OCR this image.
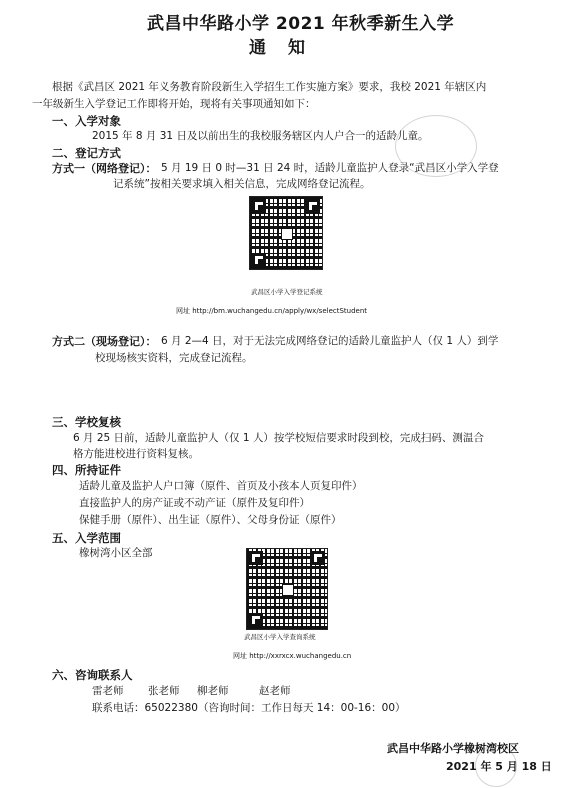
武昌中华路小学 2021 年秋季新生入学
通知
根据《武昌区 2021 年义务教育阶段新生入学招生工作实施方案》要求，我校 2021 年辖区内
一年级新生入学登记工作即将开始，现将有关事项通知如下：
一、入学对象
2015 年 8 月 31 日及以前出生的我校服务辖区内人户合一的适龄儿童。
二、登记方式
方式一（网络登记）： 5 月 19 日 0 时—31 日 24 时，适龄儿童监护人登录“武昌区小学入学登
记系统”按相关要求填入相关信息，完成网络登记流程。
武昌区小学入学登记系统
网址 http://bm.wuchangedu.cn/apply/wx/selectStudent
方式二（现场登记）： 6 月 2—4 日，对于无法完成网络登记的适龄儿童监护人（仅 1 人）到学
校现场核实资料，完成登记流程。
三、学校复核
6 月 25 日前，适龄儿童监护人（仅 1 人）按学校短信要求时段到校，完成扫码、测温合
格方能进校进行资料复核。
四、所持证件
适龄儿童及监护人户口簿（原件、首页及小孩本人页复印件）
直接监护人的房产证或不动产证（原件及复印件）
保健手册（原件）、出生证（原件）、父母身份证（原件）
五、入学范围
橡树湾小区全部
武昌区小学入学查询系统
网址 http://xxrxcx.wuchangedu.cn
六、咨询联系人
雷老师 张老师 柳老师	赵老师
联系电话：65022380（咨询时间：工作日每天 14：00-16：00）
武昌中华路小学橡树湾校区
2021 年 5 月 18 日
